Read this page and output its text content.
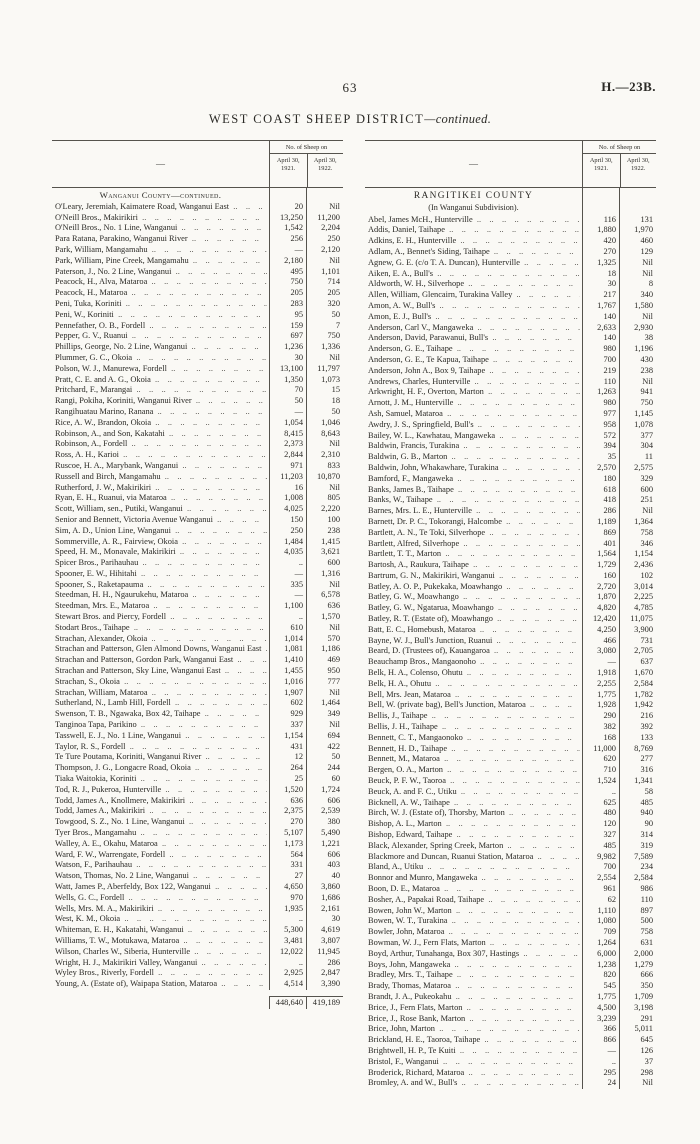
63	H.—23B.
WEST COAST SHEEP DISTRICT—continued.
—
No. of Sheep on
April 30,
1921.
April 30,
1922.
Wanganui County—continued.
O'Leary, Jeremiah, Kaimatere Road, Wanganui East ..  .	20	Nil
O'Neill Bros., Makirikiri ..  .	13,250	11,200
O'Neill Bros., No. 1 Line, Wanganui ..  .	1,542	2,204
Para Ratana, Parakino, Wanganui River ..  .	256	250
Park, William, Mangamahu ..  .	—	2,120
Park, William, Pine Creek, Mangamahu ..  .	2,180	Nil
Paterson, J., No. 2 Line, Wanganui ..  .	495	1,101
Peacock, H., Alva, Mataroa ..  .	750	714
Peacock, H., Mataroa ..  .	205	205
Peni, Tuka, Koriniti ..  .	283	320
Peni, W., Koriniti ..  .	95	50
Pennefather, O. B., Fordell ..  .	159	7
Pepper, G. V., Ruanui ..  .	697	750
Phillips, George, No. 2 Line, Wanganui ..  .	1,236	1,336
Plummer, G. C., Okoia ..  .	30	Nil
Polson, W. J., Manurewa, Fordell ..  .	13,100	11,797
Pratt, C. E. and A. G., Okoia ..  .	1,350	1,073
Pritchard, F., Marangai ..  .	70	15
Rangi, Pokiha, Koriniti, Wanganui River ..  .	50	18
Rangihuatau Marino, Ranana ..  .	—	50
Rice, A. W., Brandon, Okoia ..  .	1,054	1,046
Robinson, A., and Son, Kakatahi ..  .	8,415	8,643
Robinson, A., Fordell ..  .	2,373	Nil
Ross, A. H., Karioi ..  .	2,844	2,310
Ruscoe, H. A., Marybank, Wanganui ..  .	971	833
Russell and Birch, Mangamahu ..  .	11,203	10,870
Rutherford, J. W., Makirikiri ..  .	16	Nil
Ryan, E. H., Ruanui, via Mataroa ..  .	1,008	805
Scott, William, sen., Putiki, Wanganui ..  .	4,025	2,220
Senior and Bennett, Victoria Avenue Wanganui ..  .	150	100
Sim, A. D., Union Line, Wanganui ..  .	250	238
Sommerville, A. R., Fairview, Okoia ..  .	1,484	1,415
Speed, H. M., Monavale, Makirikiri ..  .	4,035	3,621
Spicer Bros., Parihauhau ..  .	..	600
Spooner, E. W., Hihitahi ..  .	—	1,316
Spooner, S., Raketapauma ..  .	335	Nil
Steedman, H. H., Ngaurukehu, Mataroa ..  .	—	6,578
Steedman, Mrs. E., Mataroa ..  .	1,100	636
Stewart Bros. and Piercy, Fordell ..  .	..	1,570
Stodart Bros., Taihape ..  .	610	Nil
Strachan, Alexander, Okoia ..  .	1,014	570
Strachan and Patterson, Glen Almond Downs, Wanganui East ..  .	1,081	1,186
Strachan and Patterson, Gordon Park, Wanganui East ..  .	1,410	469
Strachan and Patterson, Sky Line, Wanganui East ..  .	1,455	950
Strachan, S., Okoia ..  .	1,016	777
Strachan, William, Mataroa ..  .	1,907	Nil
Sutherland, N., Lamb Hill, Fordell ..  .	602	1,464
Swenson, T. B., Ngawaka, Box 42, Taihape ..  .	929	349
Tanginoa Tapa, Parikino ..  .	337	Nil
Tasswell, E. J., No. 1 Line, Wanganui ..  .	1,154	694
Taylor, R. S., Fordell ..  .	431	422
Te Ture Poutama, Koriniti, Wanganui River ..  .	12	50
Thompson, J. G., Longacre Road, Okoia ..  .	264	244
Tiaka Waitokia, Koriniti ..  .	25	60
Tod, R. J., Pukeroa, Hunterville ..  .	1,520	1,724
Todd, James A., Knollmere, Makirikiri ..  .	636	606
Todd, James A., Makirikiri ..  .	2,375	2,539
Towgood, S. Z., No. 1 Line, Wanganui ..  .	270	380
Tyer Bros., Mangamahu ..  .	5,107	5,490
Walley, A. E., Okahu, Mataroa ..  .	1,173	1,221
Ward, F. W., Warrengate, Fordell ..  .	564	606
Watson, F., Parihauhau ..  .	331	403
Watson, Thomas, No. 2 Line, Wanganui ..  .	27	40
Watt, James P., Aberfeldy, Box 122, Wanganui ..  .	4,650	3,860
Wells, G. C., Fordell ..  .	970	1,686
Wells, Mrs. M. A., Makirikiri ..  .	1,935	2,161
West, K. M., Okoia ..  .	..	30
Whiteman, E. H., Kakatahi, Wanganui ..  .	5,300	4,619
Williams, T. W., Motukawa, Mataroa ..  .	3,481	3,807
Wilson, Charles W., Siberia, Hunterville ..  .	12,022	11,945
Wright, H. J., Makirikiri Valley, Wanganui ..  .	..	286
Wyley Bros., Riverly, Fordell ..  .	2,925	2,847
Young, A. (Estate of), Waipapa Station, Mataroa ..  .	4,514	3,390
448,640	419,189
—
No. of Sheep on
April 30,
1921.
April 30,
1922.
RANGITIKEI COUNTY
(In Wanganui Subdivision).
Abel, James McH., Hunterville ..  .	116	131
Addis, Daniel, Taihape ..  .	1,880	1,970
Adkins, E. H., Hunterville ..  .	420	460
Adlam, A., Bennet's Siding, Taihape ..  .	270	129
Agnew, G. E. (c/o T. A. Duncan), Hunterville ..  .	1,325	Nil
Aiken, E. A., Bull's ..  .	18	Nil
Aldworth, W. H., Silverhope ..  .	30	8
Allen, William, Glencairn, Turakina Valley ..  .	217	340
Amon, A. W., Bull's ..  .	1,767	1,580
Amon, E. J., Bull's ..  .	140	Nil
Anderson, Carl V., Mangaweka ..  .	2,633	2,930
Anderson, David, Parawanui, Bull's ..  .	140	38
Anderson, G. E., Taihape ..  .	980	1,196
Anderson, G. E., Te Kapua, Taihape ..  .	700	430
Anderson, John A., Box 9, Taihape ..  .	219	238
Andrews, Charles, Hunterville ..  .	110	Nil
Arkwright, H. F., Overton, Marton ..  .	1,263	941
Arnott, J. M., Hunterville ..  .	980	750
Ash, Samuel, Mataroa ..  .	977	1,145
Awdry, J. S., Springfield, Bull's ..  .	958	1,078
Bailey, W. L., Kawhatau, Mangaweka ..  .	572	377
Baldwin, Francis, Turakina ..  .	394	304
Baldwin, G. B., Marton ..  .	35	11
Baldwin, John, Whakawhare, Turakina ..  .	2,570	2,575
Bamford, F., Mangaweka ..  .	180	329
Banks, James B., Taihape ..  .	618	600
Banks, W., Taihape ..  .	418	251
Barnes, Mrs. L. E., Hunterville ..  .	286	Nil
Barnett, Dr. P. C., Tokorangi, Halcombe ..  .	1,189	1,364
Bartlett, A. N., Te Toki, Silverhope ..  .	869	758
Bartlett, Alfred, Silverhope ..  .	401	346
Bartlett, T. T., Marton ..  .	1,564	1,154
Bartosh, A., Raukura, Taihape ..  .	1,729	2,436
Bartrum, G. N., Makirikiri, Wanganui ..  .	160	102
Batley, A. O. P., Pukekaka, Moawhango ..  .	2,720	3,014
Batley, G. W., Moawhango ..  .	1,870	2,225
Batley, G. W., Ngatarua, Moawhango ..  .	4,820	4,785
Batley, R. T. (Estate of), Moawhango ..  .	12,420	11,075
Batt, E. C., Homebush, Mataroa ..  .	4,250	3,900
Bayne, W. J., Bull's Junction, Ruanui ..  .	466	731
Beard, D. (Trustees of), Kauangaroa ..  .	3,080	2,705
Beauchamp Bros., Mangaonoho ..  .	—	637
Belk, H. A., Colenso, Ohutu ..  .	1,918	1,670
Belk, H. A., Ohutu ..  .	2,255	2,584
Bell, Mrs. Jean, Mataroa ..  .	1,775	1,782
Bell, W. (private bag), Bell's Junction, Mataroa ..  .	1,928	1,942
Bellis, J., Taihape ..  .	290	216
Bellis, J. H., Taihape ..  .	382	392
Bennett, C. T., Mangaonoko ..  .	168	133
Bennett, H. D., Taihape ..  .	11,000	8,769
Bennett, M., Mataroa ..  .	620	277
Bergen, O. A., Marton ..  .	710	316
Beuck, P. F. W., Taoroa ..  .	1,524	1,341
Beuck, A. and F. C., Utiku ..  .	..	58
Bicknell, A. W., Taihape ..  .	625	485
Birch, W. J. (Estate of), Thorsby, Marton ..  .	480	940
Bishop, A. L., Marton ..  .	120	90
Bishop, Edward, Taihape ..  .	327	314
Black, Alexander, Spring Creek, Marton ..  .	485	319
Blackmore and Duncan, Ruanui Station, Mataroa ..  .	9,982	7,589
Bland, A., Utiku ..  .	700	234
Bonnor and Munro, Mangaweka ..  .	2,554	2,584
Boon, D. E., Mataroa ..  .	961	986
Bosher, A., Papakai Road, Taihape ..  .	62	110
Bowen, John W., Marton ..  .	1,110	897
Bowen, W. T., Turakina ..  .	1,080	500
Bowler, John, Mataroa ..  .	709	758
Bowman, W. J., Fern Flats, Marton ..  .	1,264	631
Boyd, Arthur, Tunahanga, Box 307, Hastings ..  .	6,000	2,000
Boys, John, Mangaweka ..  .	1,238	1,279
Bradley, Mrs. T., Taihape ..  .	820	666
Brady, Thomas, Mataroa ..  .	545	350
Brandt, J. A., Pukeokahu ..  .	1,775	1,709
Brice, J., Fern Flats, Marton ..  .	4,500	3,198
Brice, J., Rose Bank, Marton ..  .	3,239	291
Brice, John, Marton ..  .	366	5,011
Brickland, H. E., Taoroa, Taihape ..  .	866	645
Brightwell, H. P., Te Kuiti ..  .	—	126
Bristol, F., Wanganui ..  .	..	37
Broderick, Richard, Mataroa ..  .	295	298
Bromley, A. and W., Bull's ..  .	24	Nil
